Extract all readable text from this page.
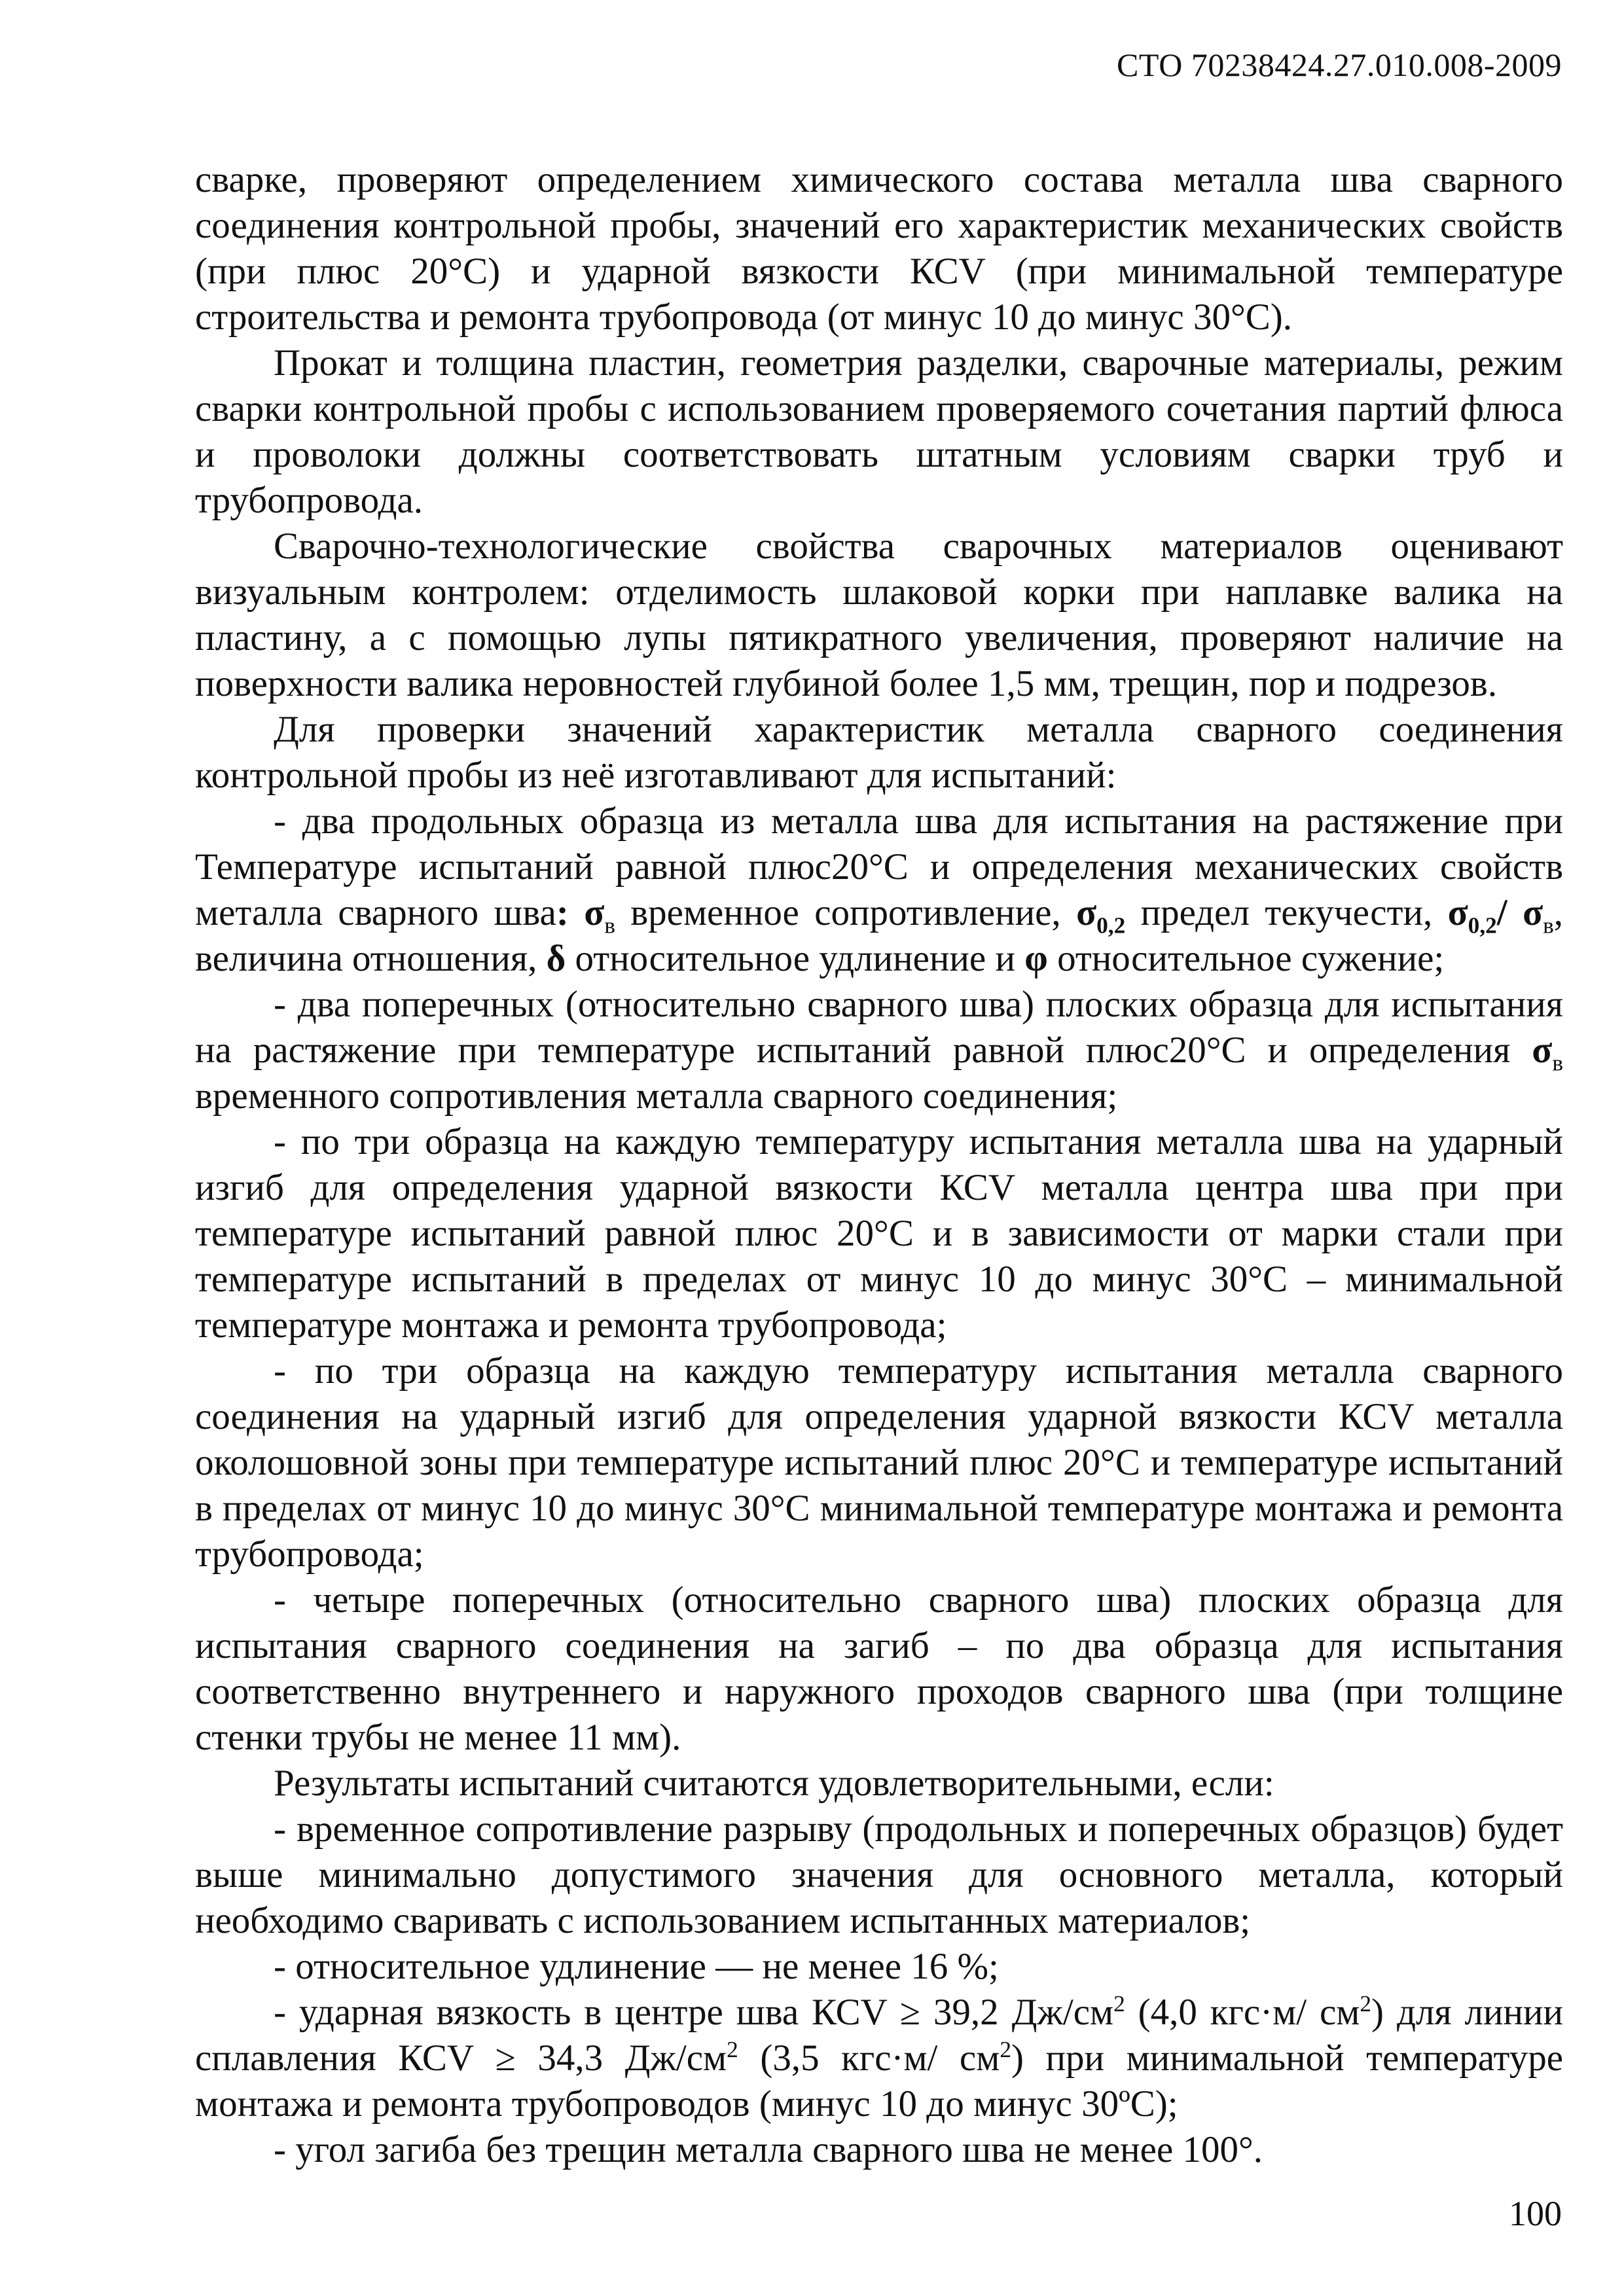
СТО 70238424.27.010.008-2009

сварке, проверяют определением химического состава металла шва сварного соединения контрольной пробы, значений его характеристик механических свойств (при плюс 20°С) и ударной вязкости КСV (при минимальной температуре строительства и ремонта трубопровода (от минус 10 до минус 30°С).

Прокат и толщина пластин, геометрия разделки, сварочные материалы, режим сварки контрольной пробы с использованием проверяемого сочетания партий флюса и проволоки должны соответствовать штатным условиям сварки труб и трубопровода.

Сварочно-технологические свойства сварочных материалов оценивают визуальным контролем: отделимость шлаковой корки при наплавке валика на пластину, а с помощью лупы пятикратного увеличения, проверяют наличие на поверхности валика неровностей глубиной более 1,5 мм, трещин, пор и подрезов.

Для проверки значений характеристик металла сварного соединения контрольной пробы из неё изготавливают для испытаний:

- два продольных образца из металла шва для испытания на растяжение при Температуре испытаний равной плюс20°С и определения механических свойств металла сварного шва: $\sigma_в$ временное сопротивление, $\sigma_{0,2}$ предел текучести, $\sigma_{0,2}/$ $\sigma_в$, величина отношения, δ относительное удлинение и φ относительное сужение;

- два поперечных (относительно сварного шва) плоских образца для испытания на растяжение при температуре испытаний равной плюс20°С и определения $\sigma_в$ временного сопротивления металла сварного соединения;

- по три образца на каждую температуру испытания металла шва на ударный изгиб для определения ударной вязкости КСV металла центра шва при при температуре испытаний равной плюс 20°С и в зависимости от марки стали при температуре испытаний в пределах от минус 10 до минус 30°С – минимальной температуре монтажа и ремонта трубопровода;

- по три образца на каждую температуру испытания металла сварного соединения на ударный изгиб для определения ударной вязкости КСV металла околошовной зоны при температуре испытаний плюс 20°С и температуре испытаний в пределах от минус 10 до минус 30°С минимальной температуре монтажа и ремонта трубопровода;

- четыре поперечных (относительно сварного шва) плоских образца для испытания сварного соединения на загиб – по два образца для испытания соответственно внутреннего и наружного проходов сварного шва (при толщине стенки трубы не менее 11 мм).

Результаты испытаний считаются удовлетворительными, если:

- временное сопротивление разрыву (продольных и поперечных образцов) будет выше минимально допустимого значения для основного металла, который необходимо сваривать с использованием испытанных материалов;

- относительное удлинение — не менее 16 %;

- ударная вязкость в центре шва КСV ≥ 39,2 $Дж/см^2$ (4,0 кгс·м/ $см^2$) для линии сплавления КСV ≥ 34,3 $Дж/см^2$ (3,5 кгс·м/ $см^2$) при минимальной температуре монтажа и ремонта трубопроводов (минус 10 до минус 30ºС);

- угол загиба без трещин металла сварного шва не менее 100°.

100
